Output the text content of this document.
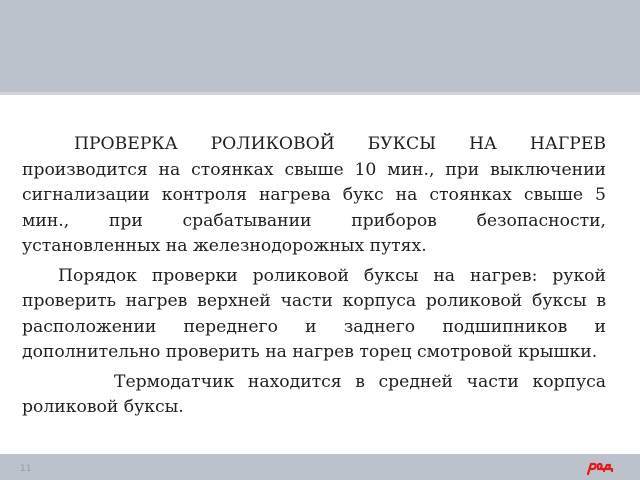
ПРОВЕРКА РОЛИКОВОЙ БУКСЫ НА НАГРЕВ производится на стоянках свыше 10 мин., при выключении сигнализации контроля нагрева букс на стоянках свыше 5 мин., при срабатывании приборов безопасности, установленных на железнодорожных путях.

Порядок проверки роликовой буксы на нагрев: рукой проверить нагрев верхней части корпуса роликовой буксы в расположении переднего и заднего подшипников и дополнительно проверить на нагрев торец смотровой крышки.

Термодатчик находится в средней части корпуса роликовой буксы.

11
